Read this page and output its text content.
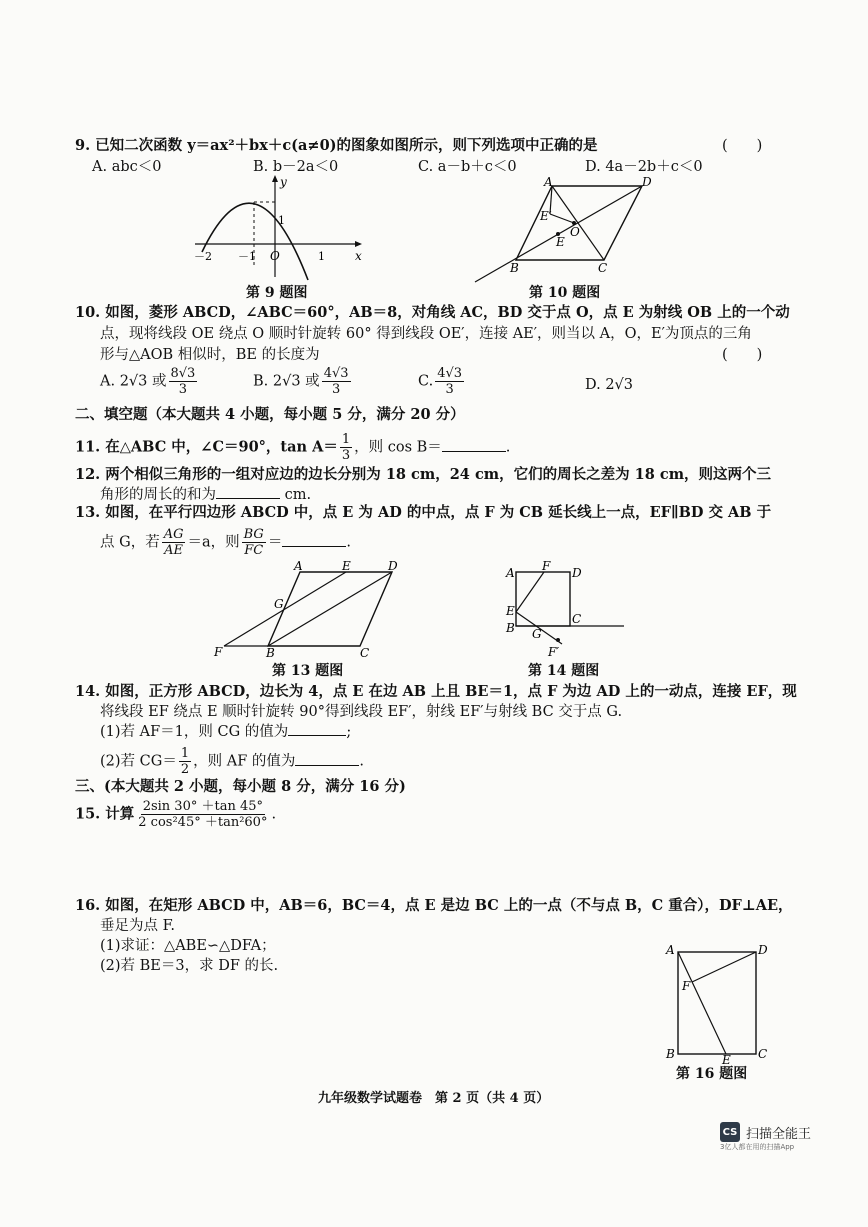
9. 已知二次函数 y＝ax²＋bx＋c(a≠0)的图象如图所示，则下列选项中正确的是	(　　)
A. abc＜0	B. b－2a＜0	C. a－b＋c＜0	D. 4a－2b＋c＜0
y
x
O
1
1
－1
－2
第 9 题图
A	D
B	C
E′
O
E
第 10 题图
10. 如图，菱形 ABCD，∠ABC＝60°，AB＝8，对角线 AC，BD 交于点 O，点 E 为射线 OB 上的一个动
点，现将线段 OE 绕点 O 顺时针旋转 60° 得到线段 OE′，连接 AE′，则当以 A，O，E′为顶点的三角
形与△AOB 相似时，BE 的长度为	(　　)
A. 2√3 或 $\frac{8√3}{3}$	B. 2√3 或 $\frac{4√3}{3}$	C. $\frac{4√3}{3}$	D. 2√3
二、填空题（本大题共 4 小题，每小题 5 分，满分 20 分）
11. 在△ABC 中，∠C＝90°，$\tan A= \frac{1}{3}$ ，则 cos B＝	.
12. 两个相似三角形的一组对应边的边长分别为 18 cm，24 cm，它们的周长之差为 18 cm，则这两个三
角形的周长的和为	cm.
13. 如图，在平行四边形 ABCD 中，点 E 为 AD 的中点，点 F 为 CB 延长线上一点，EF∥BD 交 AB 于
点 G，若 $\frac{AG}{AE} =a$，则 $\frac{BG}{FC}$ ＝	.
A	E	D
G
F	B	C
第 13 题图
A F D
E
C
B G
F′
第 14 题图
14. 如图，正方形 ABCD，边长为 4，点 E 在边 AB 上且 BE＝1，点 F 为边 AD 上的一动点，连接 EF，现
将线段 EF 绕点 E 顺时针旋转 90°得到线段 EF′，射线 EF′与射线 BC 交于点 G.
(1)若 AF＝1，则 CG 的值为	;
(2)若 $CG= \frac{1}{2}$ ，则 AF 的值为	.
三、(本大题共 2 小题，每小题 8 分，满分 16 分)
15. 计算 $\frac{2\sin 30^\circ +\tan 45^\circ}{\text{2 cos²45° ＋tan²60°}}$ .
16. 如图，在矩形 ABCD 中，AB＝6，BC＝4，点 E 是边 BC 上的一点（不与点 B，C 重合），DF⊥AE，
垂足为点 F.
(1)求证：△ABE∽△DFA；
(2)若 BE＝3，求 DF 的长.
A	D
F
B	E C
第 16 题图
九年级数学试题卷　第 2 页（共 4 页）
CS 扫描全能王
3亿人都在用的扫描App
